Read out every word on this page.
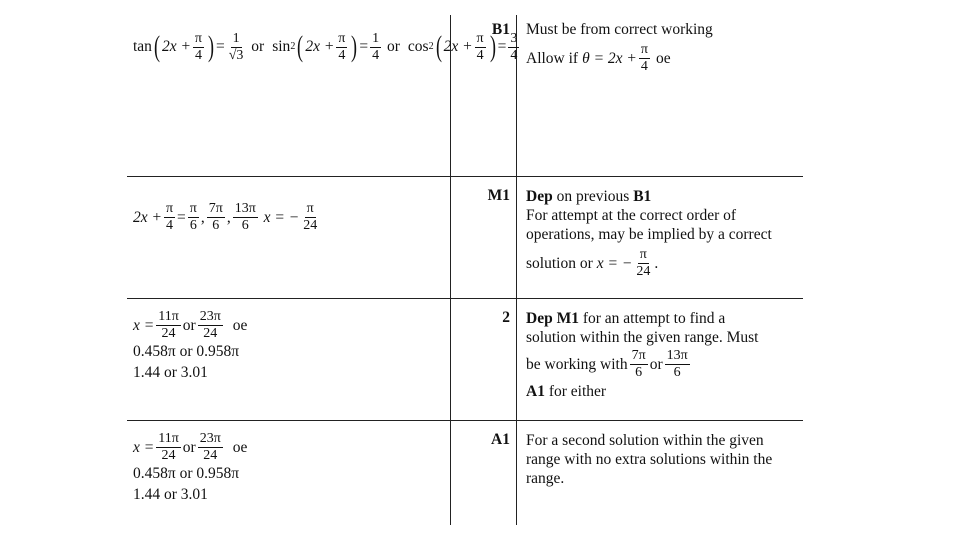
tan ( $2x + \frac{\pi}{4}$ ) = $\frac{1}{√3}$
or sin 2 ( $2x + \frac{\pi}{4}$ ) = $\frac{1}{4}$
or cos 2 ( $2x + \frac{\pi}{4}$ ) = $\frac{3}{4}$
B1 Must be from correct working
Allow if $\theta = 2x + \frac{\pi}{4}$ oe
$2x + \frac{\pi}{4} = \frac{\pi}{6}$ , $\frac{7\pi}{6}$ , $\frac{13\pi}{6}$
x = − $\frac{\pi}{24}$
M1 Dep on previous B1
For attempt at the correct order of
operations, may be implied by a correct
solution or x = − $\frac{\pi}{24}$ .
$x = \frac{11\pi}{24}$ or $\frac{23\pi}{24}$ oe
0.458π or 0.958π
1.44 or 3.01
2 Dep M1 for an attempt to find a
solution within the given range. Must
be working with $\frac{7\pi}{6}$ or $\frac{13\pi}{6}$
A1 for either
$x = \frac{11\pi}{24}$ or $\frac{23\pi}{24}$ oe
0.458π or 0.958π
1.44 or 3.01
A1 For a second solution within the given
range with no extra solutions within the
range.
